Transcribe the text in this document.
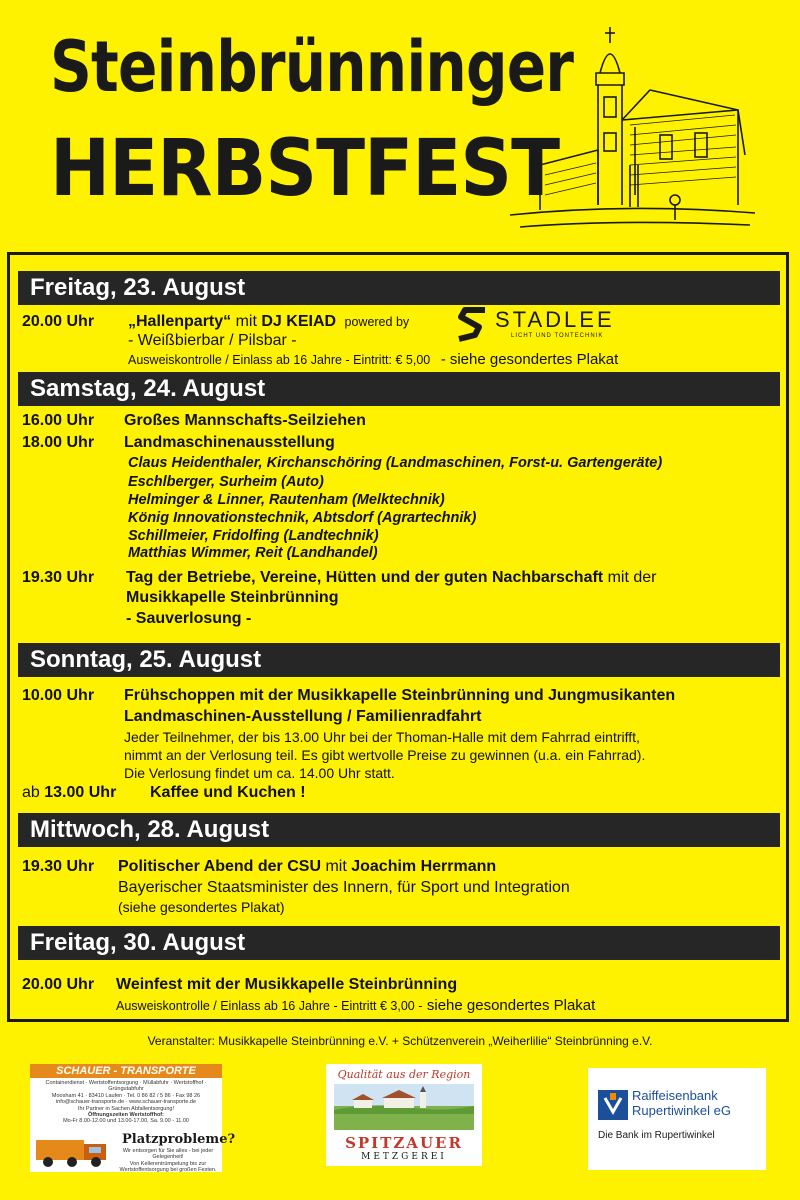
Steinbrünninger
HERBSTFEST
Freitag, 23. August
20.00 Uhr „Hallenparty“ mit DJ KEIAD powered by	STADLEE
LICHT UND TONTECHNIK
- Weißbierbar / Pilsbar -
Ausweiskontrolle / Einlass ab 16 Jahre - Eintritt: € 5,00 - siehe gesondertes Plakat
Samstag, 24. August
16.00 Uhr Großes Mannschafts-Seilziehen
18.00 Uhr Landmaschinenausstellung
Claus Heidenthaler, Kirchanschöring (Landmaschinen, Forst-u. Gartengeräte)
Eschlberger, Surheim (Auto)
Helminger & Linner, Rautenham (Melktechnik)
König Innovationstechnik, Abtsdorf (Agrartechnik)
Schillmeier, Fridolfing (Landtechnik)
Matthias Wimmer, Reit (Landhandel)
19.30 Uhr Tag der Betriebe, Vereine, Hütten und der guten Nachbarschaft mit der
Musikkapelle Steinbrünning
- Sauverlosung -
Sonntag, 25. August
10.00 Uhr Frühschoppen mit der Musikkapelle Steinbrünning und Jungmusikanten
Landmaschinen-Ausstellung / Familienradfahrt
Jeder Teilnehmer, der bis 13.00 Uhr bei der Thoman-Halle mit dem Fahrrad eintrifft,
nimmt an der Verlosung teil. Es gibt wertvolle Preise zu gewinnen (u.a. ein Fahrrad).
Die Verlosung findet um ca. 14.00 Uhr statt.
ab 13.00 Uhr Kaffee und Kuchen !
Mittwoch, 28. August
19.30 Uhr Politischer Abend der CSU mit Joachim Herrmann
Bayerischer Staatsminister des Innern, für Sport und Integration
(siehe gesondertes Plakat)
Freitag, 30. August
20.00 Uhr Weinfest mit der Musikkapelle Steinbrünning
Ausweiskontrolle / Einlass ab 16 Jahre - Eintritt € 3,00 - siehe gesondertes Plakat
Veranstalter: Musikkapelle Steinbrünning e.V. + Schützenverein „Weiherlilie“ Steinbrünning e.V.
SCHAUER - TRANSPORTE
Containerdienst · Wertstoffentsorgung · Müllabfuhr · Wertstoffhof · Grüngutabfuhr
Moosham 41 · 83410 Laufen · Tel. 0 86 82 / 5 86 · Fax 98 26
info@schauer-transporte.de · www.schauer-transporte.de
Ihr Partner in Sachen Abfallentsorgung!
Öffnungszeiten Wertstoffhof:
Mo-Fr 8.00-12.00 und 13.00-17.00, Sa. 9.00 - 11.00
Platzprobleme?
Wir entsorgen für Sie alles - bei jeder Gelegenheit!
Von Kellerentrümpelung bis zur Wertstoffentsorgung bei großen Festen.
Qualität aus der Region
SPITZAUER
METZGEREI
Raiffeisenbank
Rupertiwinkel eG
Die Bank im Rupertiwinkel
